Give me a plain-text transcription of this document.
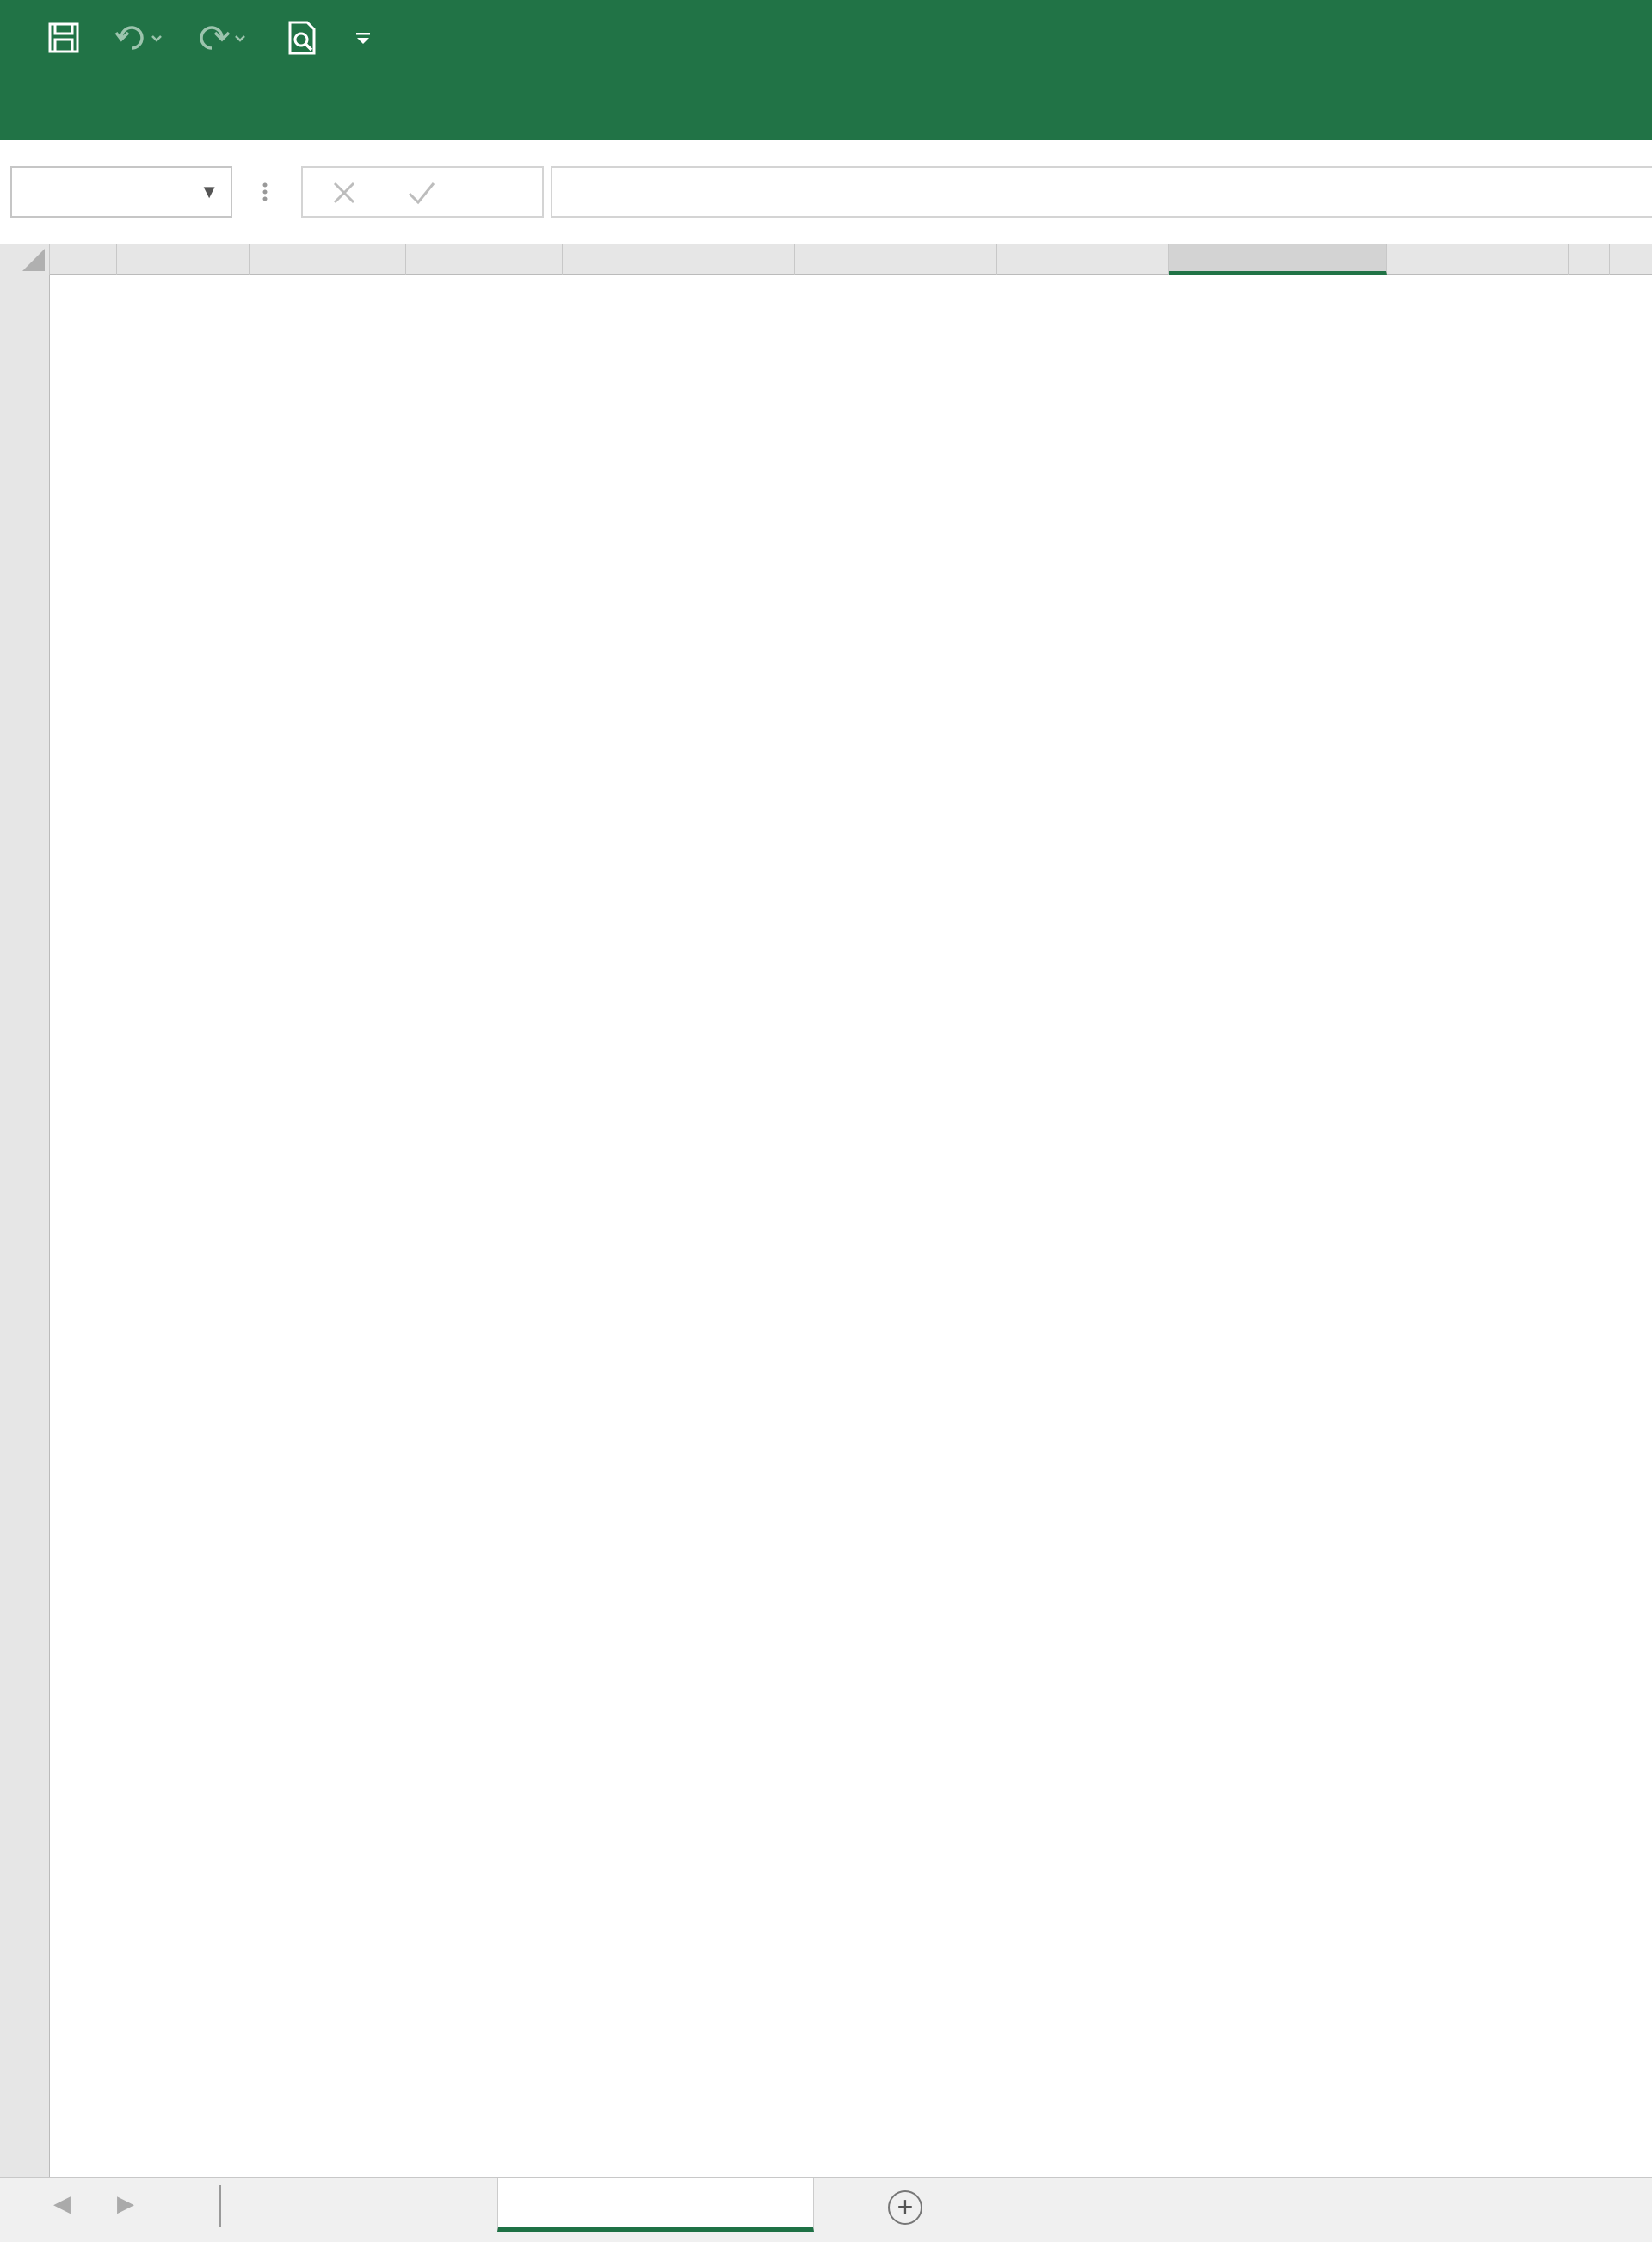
▼
◀ ▶	+
